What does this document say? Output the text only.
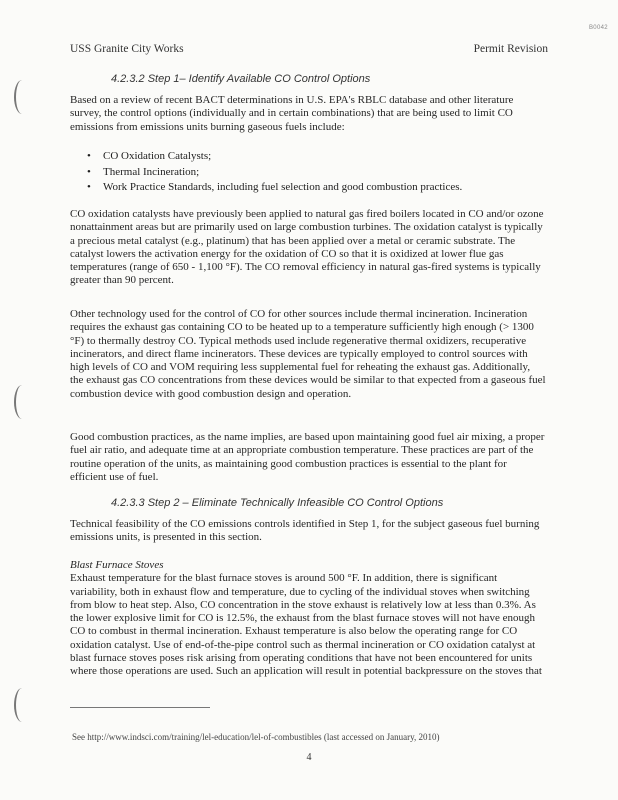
B0042
USS Granite City Works	Permit Revision
4.2.3.2 Step 1– Identify Available CO Control Options
Based on a review of recent BACT determinations in U.S. EPA's RBLC database and other literature survey, the control options (individually and in certain combinations) that are being used to limit CO emissions from emissions units burning gaseous fuels include:
• CO Oxidation Catalysts;
• Thermal Incineration;
• Work Practice Standards, including fuel selection and good combustion practices.
CO oxidation catalysts have previously been applied to natural gas fired boilers located in CO and/or ozone nonattainment areas but are primarily used on large combustion turbines. The oxidation catalyst is typically a precious metal catalyst (e.g., platinum) that has been applied over a metal or ceramic substrate. The catalyst lowers the activation energy for the oxidation of CO so that it is oxidized at lower flue gas temperatures (range of 650 - 1,100 °F). The CO removal efficiency in natural gas-fired systems is typically greater than 90 percent.
Other technology used for the control of CO for other sources include thermal incineration. Incineration requires the exhaust gas containing CO to be heated up to a temperature sufficiently high enough (> 1300 °F) to thermally destroy CO. Typical methods used include regenerative thermal oxidizers, recuperative incinerators, and direct flame incinerators. These devices are typically employed to control sources with high levels of CO and VOM requiring less supplemental fuel for reheating the exhaust gas. Additionally, the exhaust gas CO concentrations from these devices would be similar to that expected from a gaseous fuel combustion device with good combustion design and operation.
Good combustion practices, as the name implies, are based upon maintaining good fuel air mixing, a proper fuel air ratio, and adequate time at an appropriate combustion temperature. These practices are part of the routine operation of the units, as maintaining good combustion practices is essential to the plant for efficient use of fuel.
4.2.3.3 Step 2 – Eliminate Technically Infeasible CO Control Options
Technical feasibility of the CO emissions controls identified in Step 1, for the subject gaseous fuel burning emissions units, is presented in this section.
Blast Furnace Stoves
Exhaust temperature for the blast furnace stoves is around 500 °F. In addition, there is significant variability, both in exhaust flow and temperature, due to cycling of the individual stoves when switching from blow to heat step. Also, CO concentration in the stove exhaust is relatively low at less than 0.3%. As the lower explosive limit for CO is 12.5%, the exhaust from the blast furnace stoves will not have enough CO to combust in thermal incineration. Exhaust temperature is also below the operating range for CO oxidation catalyst. Use of end-of-the-pipe control such as thermal incineration or CO oxidation catalyst at blast furnace stoves poses risk arising from operating conditions that have not been encountered for units where those operations are used. Such an application will result in potential backpressure on the stoves that
See http://www.indsci.com/training/lel-education/lel-of-combustibles (last accessed on January, 2010)
4
